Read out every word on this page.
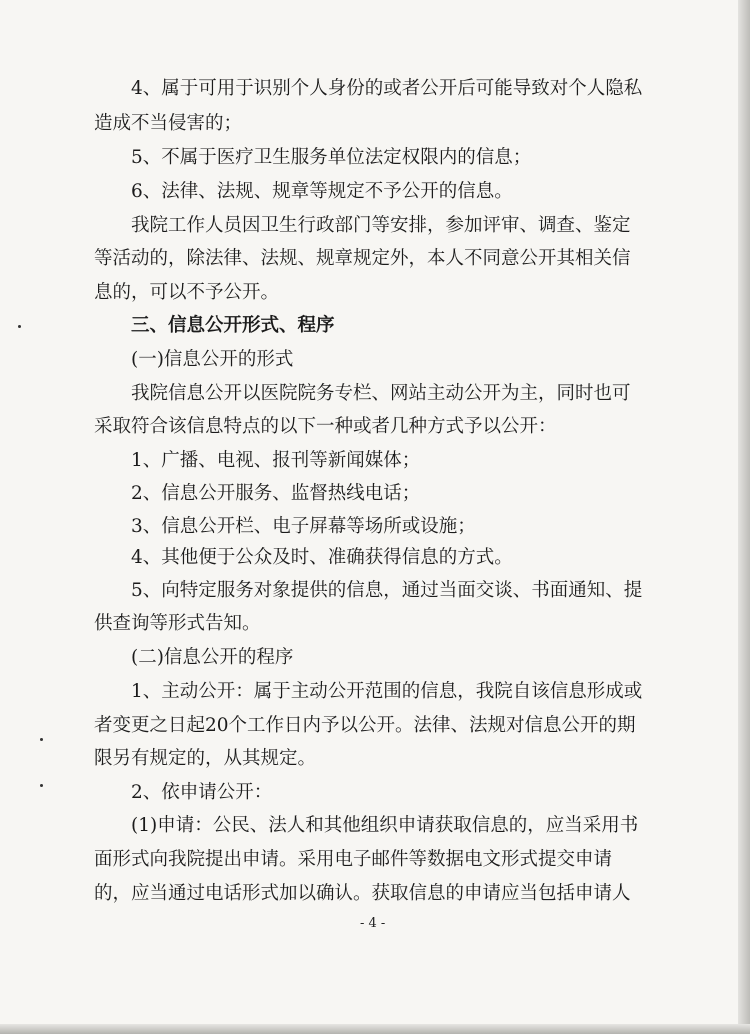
4、属于可用于识别个人身份的或者公开后可能导致对个人隐私

造成不当侵害的；

5、不属于医疗卫生服务单位法定权限内的信息；

6、法律、法规、规章等规定不予公开的信息。

我院工作人员因卫生行政部门等安排，参加评审、调查、鉴定

等活动的，除法律、法规、规章规定外，本人不同意公开其相关信

息的，可以不予公开。

三、信息公开形式、程序

(一)信息公开的形式

我院信息公开以医院院务专栏、网站主动公开为主，同时也可

采取符合该信息特点的以下一种或者几种方式予以公开：

1、广播、电视、报刊等新闻媒体；

2、信息公开服务、监督热线电话；

3、信息公开栏、电子屏幕等场所或设施；

4、其他便于公众及时、准确获得信息的方式。

5、向特定服务对象提供的信息，通过当面交谈、书面通知、提

供查询等形式告知。

(二)信息公开的程序

1、主动公开：属于主动公开范围的信息，我院自该信息形成或

者变更之日起20个工作日内予以公开。法律、法规对信息公开的期

限另有规定的，从其规定。

2、依申请公开：

(1)申请：公民、法人和其他组织申请获取信息的，应当采用书

面形式向我院提出申请。采用电子邮件等数据电文形式提交申请

的，应当通过电话形式加以确认。获取信息的申请应当包括申请人

- 4 -
